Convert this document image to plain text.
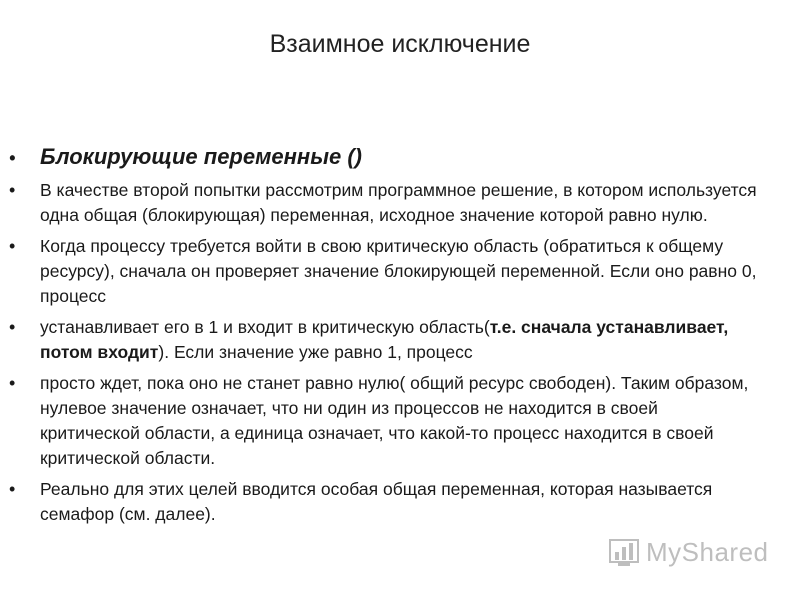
Взаимное исключение
• Блокирующие переменные ()
• В качестве второй попытки рассмотрим программное решение, в котором используется одна общая (блокирующая) переменная, исходное значение которой равно нулю.
• Когда процессу требуется войти в свою критическую область (обратиться к общему ресурсу), сначала он проверяет значение блокирующей переменной. Если оно равно 0, процесс
• устанавливает его в 1 и входит в критическую область(т.е. сначала устанавливает, потом входит). Если значение уже равно 1, процесс
• просто ждет, пока оно не станет равно нулю( общий ресурс свободен). Таким образом, нулевое значение означает, что ни один из процессов не находится в своей критической области, а единица означает, что какой-то процесс находится в своей критической области.
• Реально для этих целей вводится особая общая переменная, которая называется семафор (см. далее).
MyShared
